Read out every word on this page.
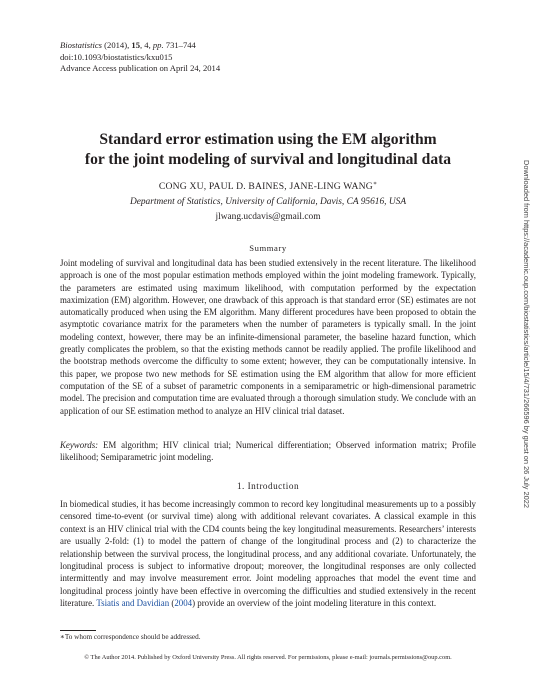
Biostatistics (2014), 15, 4, pp. 731–744
doi:10.1093/biostatistics/kxu015
Advance Access publication on April 24, 2014
Standard error estimation using the EM algorithm
for the joint modeling of survival and longitudinal data
CONG XU, PAUL D. BAINES, JANE-LING WANG∗
Department of Statistics, University of California, Davis, CA 95616, USA
jlwang.ucdavis@gmail.com
Summary
Joint modeling of survival and longitudinal data has been studied extensively in the recent literature. The likelihood approach is one of the most popular estimation methods employed within the joint modeling framework. Typically, the parameters are estimated using maximum likelihood, with computation performed by the expectation maximization (EM) algorithm. However, one drawback of this approach is that standard error (SE) estimates are not automatically produced when using the EM algorithm. Many different procedures have been proposed to obtain the asymptotic covariance matrix for the parameters when the number of parameters is typically small. In the joint modeling context, however, there may be an infinite-dimensional parameter, the baseline hazard function, which greatly complicates the problem, so that the existing methods cannot be readily applied. The profile likelihood and the bootstrap methods overcome the difficulty to some extent; however, they can be computationally intensive. In this paper, we propose two new methods for SE estimation using the EM algorithm that allow for more efficient computation of the SE of a subset of parametric components in a semiparametric or high-dimensional parametric model. The precision and computation time are evaluated through a thorough simulation study. We conclude with an application of our SE estimation method to analyze an HIV clinical trial dataset.
Keywords: EM algorithm; HIV clinical trial; Numerical differentiation; Observed information matrix; Profile likelihood; Semiparametric joint modeling.
1. Introduction
In biomedical studies, it has become increasingly common to record key longitudinal measurements up to a possibly censored time-to-event (or survival time) along with additional relevant covariates. A classical example in this context is an HIV clinical trial with the CD4 counts being the key longitudinal measurements. Researchers’ interests are usually 2-fold: (1) to model the pattern of change of the longitudinal process and (2) to characterize the relationship between the survival process, the longitudinal process, and any additional covariate. Unfortunately, the longitudinal process is subject to informative dropout; moreover, the longitudinal responses are only collected intermittently and may involve measurement error. Joint modeling approaches that model the event time and longitudinal process jointly have been effective in overcoming the difficulties and studied extensively in the recent literature. Tsiatis and Davidian (2004) provide an overview of the joint modeling literature in this context.
∗To whom correspondence should be addressed.
© The Author 2014. Published by Oxford University Press. All rights reserved. For permissions, please e-mail: journals.permissions@oup.com.
Downloaded from https://academic.oup.com/biostatistics/article/15/4/731/266596 by guest on 26 July 2022
